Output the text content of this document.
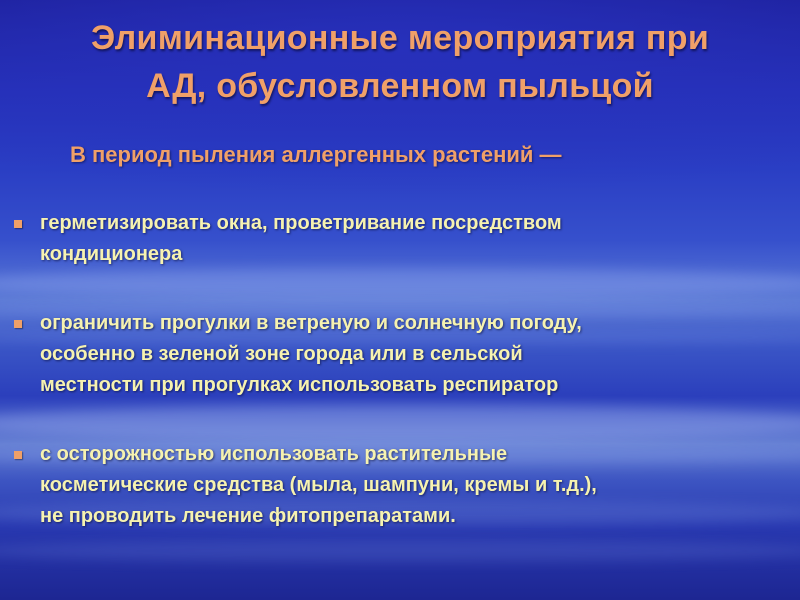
Элиминационные мероприятия при
АД, обусловленном пыльцой
В период пыления аллергенных растений —
герметизировать окна, проветривание посредством
кондиционера
ограничить прогулки в ветреную и солнечную погоду,
особенно в зеленой зоне города или в сельской
местности при прогулках использовать респиратор
с осторожностью использовать растительные
косметические средства (мыла, шампуни, кремы и т.д.),
не проводить лечение фитопрепаратами.
